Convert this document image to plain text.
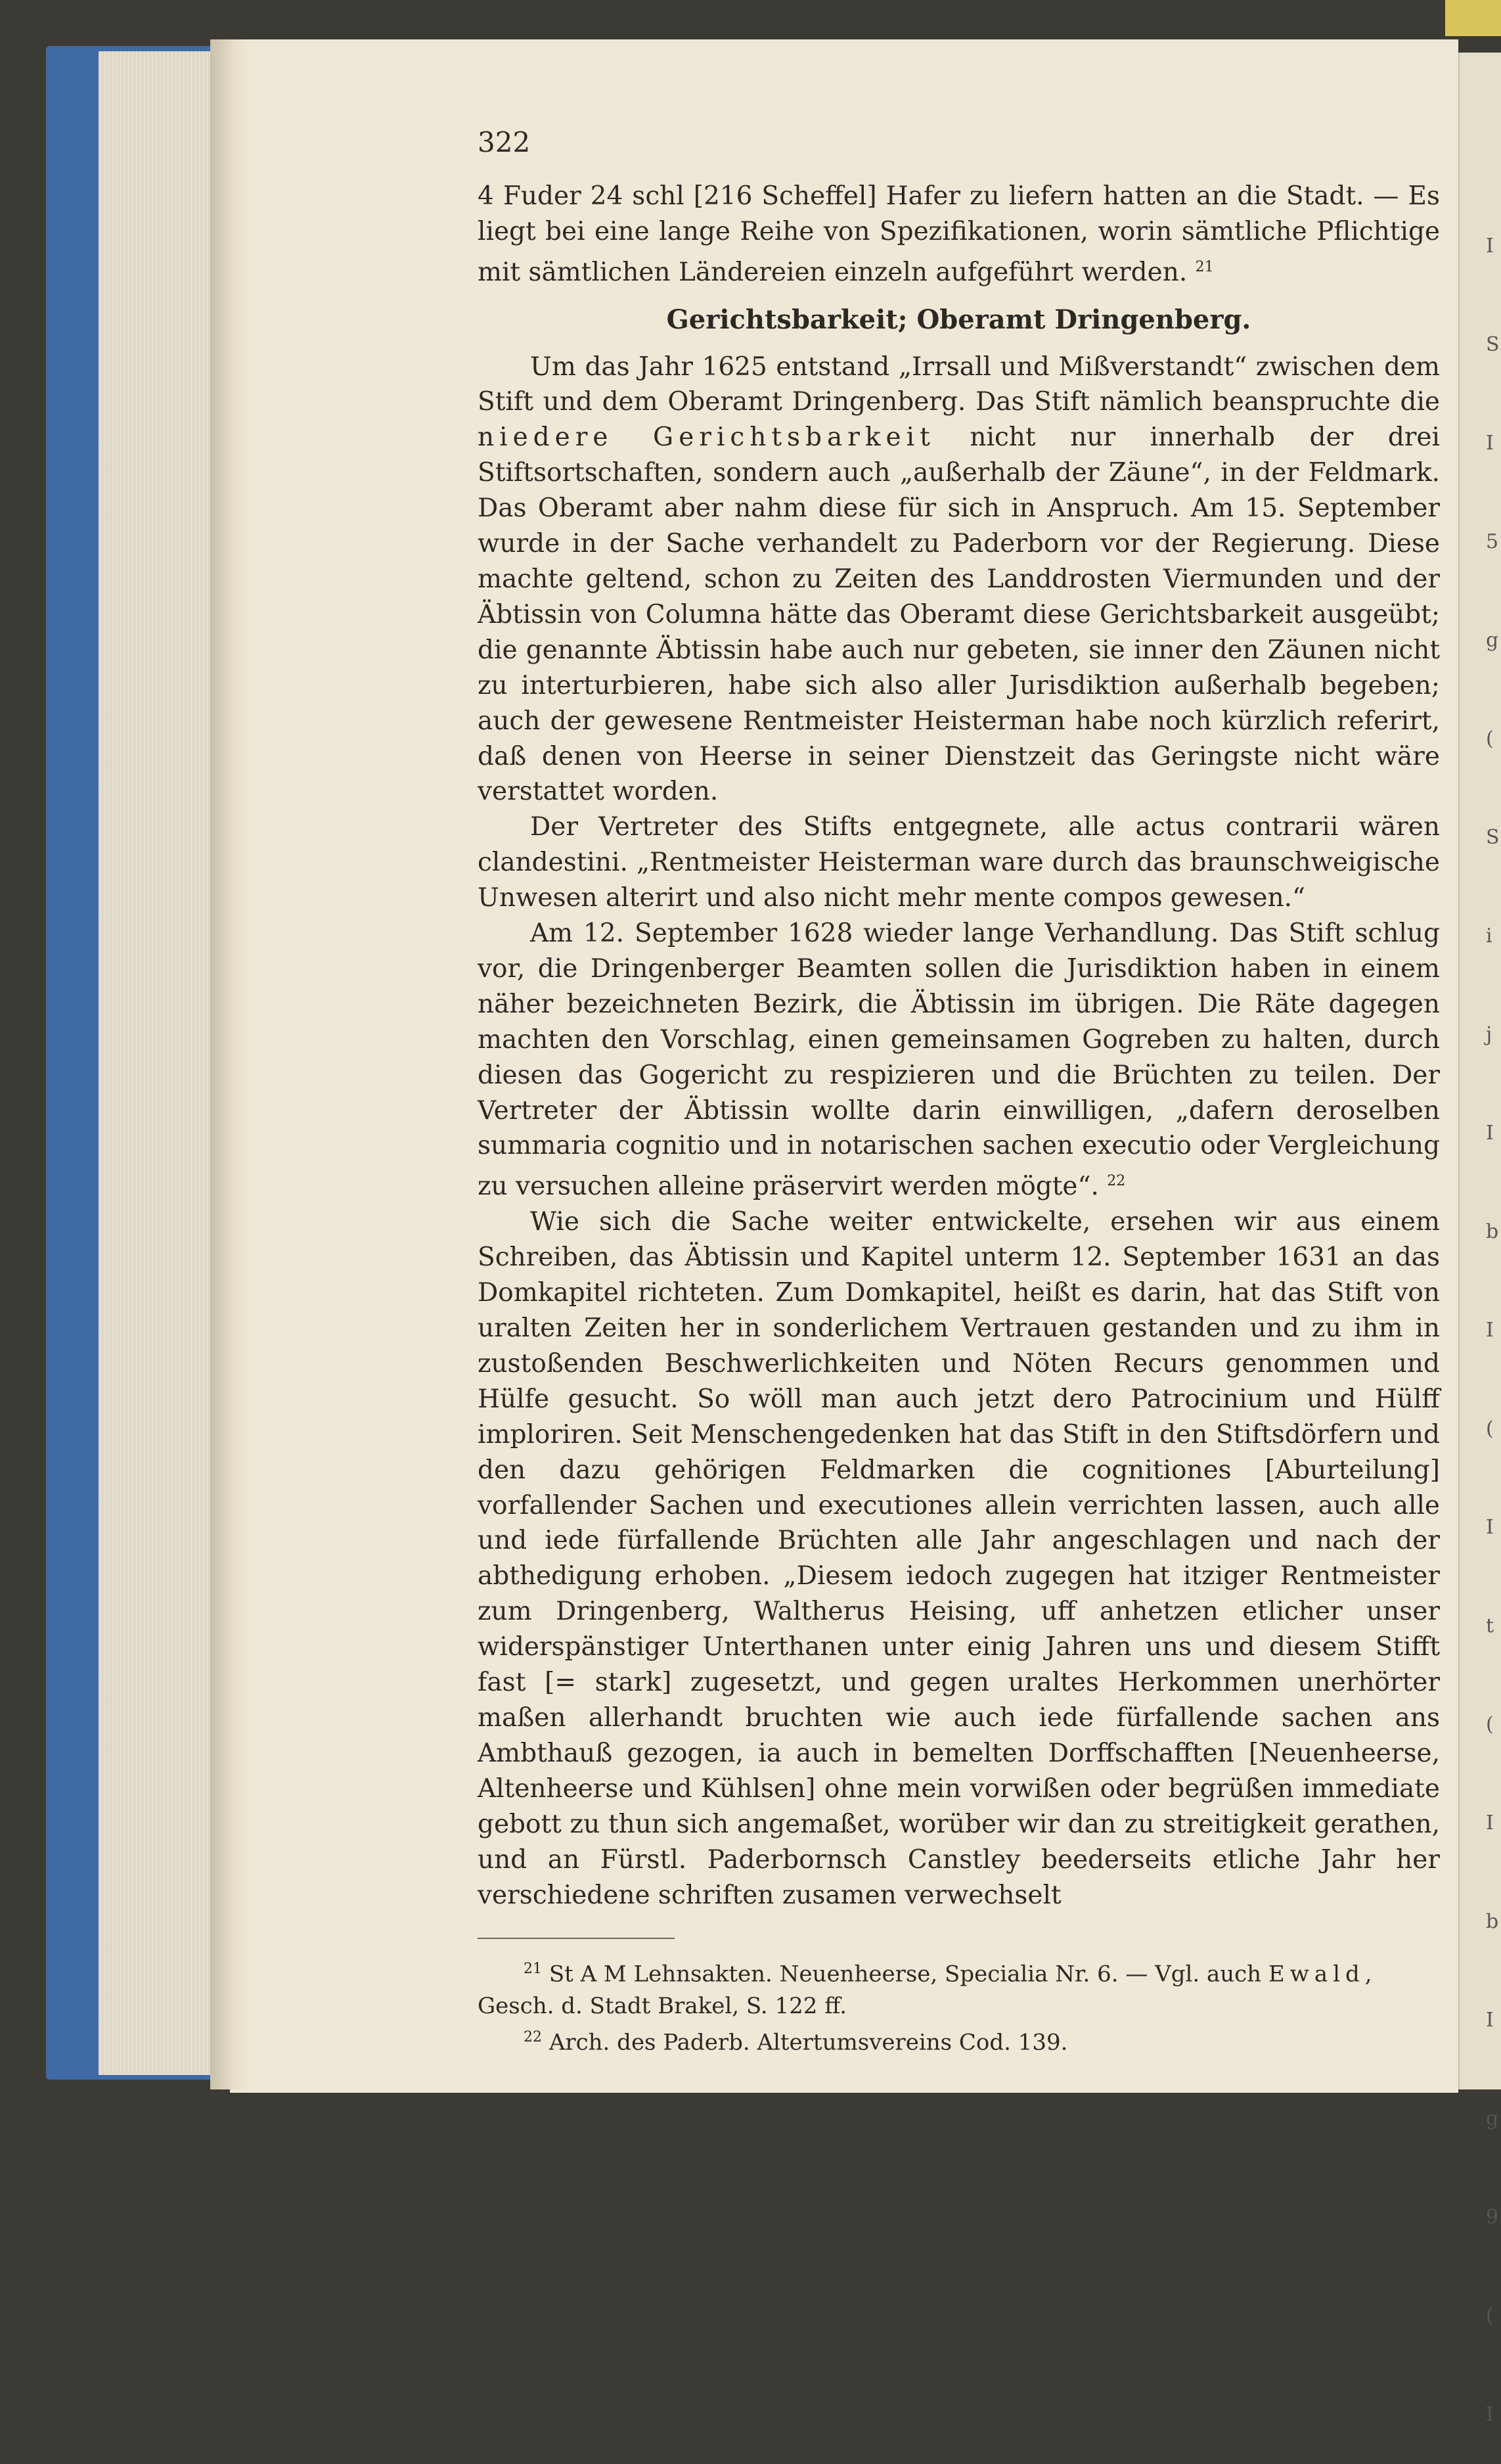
I S I 5 g ( S i j I b I ( I t ( I b I g 9 ( I
322

4 Fuder 24 schl [216 Scheffel] Hafer zu liefern hatten an die Stadt. — Es liegt bei eine lange Reihe von Spezifikationen, worin sämtliche Pflichtige mit sämtlichen Ländereien einzeln aufgeführt werden. $^{21}$

Gerichtsbarkeit; Oberamt Dringenberg.

Um das Jahr 1625 entstand „Irrsall und Mißverstandt“ zwischen dem Stift und dem Oberamt Dringenberg. Das Stift nämlich beanspruchte die niedere Gerichtsbarkeit nicht nur innerhalb der drei Stiftsortschaften, sondern auch „außerhalb der Zäune“, in der Feldmark. Das Oberamt aber nahm diese für sich in Anspruch. Am 15. September wurde in der Sache verhandelt zu Paderborn vor der Regierung. Diese machte geltend, schon zu Zeiten des Landdrosten Viermunden und der Äbtissin von Columna hätte das Oberamt diese Gerichtsbarkeit ausgeübt; die genannte Äbtissin habe auch nur gebeten, sie inner den Zäunen nicht zu interturbieren, habe sich also aller Jurisdiktion außerhalb begeben; auch der gewesene Rentmeister Heisterman habe noch kürzlich referirt, daß denen von Heerse in seiner Dienstzeit das Geringste nicht wäre verstattet worden.

Der Vertreter des Stifts entgegnete, alle actus contrarii wären clandestini. „Rentmeister Heisterman ware durch das braunschweigische Unwesen alterirt und also nicht mehr mente compos gewesen.“

Am 12. September 1628 wieder lange Verhandlung. Das Stift schlug vor, die Dringenberger Beamten sollen die Jurisdiktion haben in einem näher bezeichneten Bezirk, die Äbtissin im übrigen. Die Räte dagegen machten den Vorschlag, einen gemeinsamen Gogreben zu halten, durch diesen das Gogericht zu respizieren und die Brüchten zu teilen. Der Vertreter der Äbtissin wollte darin einwilligen, „dafern deroselben summaria cognitio und in notarischen sachen executio oder Vergleichung zu versuchen alleine präservirt werden mögte“. $^{22}$

Wie sich die Sache weiter entwickelte, ersehen wir aus einem Schreiben, das Äbtissin und Kapitel unterm 12. September 1631 an das Domkapitel richteten. Zum Domkapitel, heißt es darin, hat das Stift von uralten Zeiten her in sonderlichem Vertrauen gestanden und zu ihm in zustoßenden Beschwerlichkeiten und Nöten Recurs genommen und Hülfe gesucht. So wöll man auch jetzt dero Patrocinium und Hülff imploriren. Seit Menschengedenken hat das Stift in den Stiftsdörfern und den dazu gehörigen Feldmarken die cognitiones [Aburteilung] vorfallender Sachen und executiones allein verrichten lassen, auch alle und iede fürfallende Brüchten alle Jahr angeschlagen und nach der abthedigung erhoben. „Diesem iedoch zugegen hat itziger Rentmeister zum Dringenberg, Waltherus Heising, uff anhetzen etlicher unser widerspänstiger Unterthanen unter einig Jahren uns und diesem Stifft fast [= stark] zugesetzt, und gegen uraltes Herkommen unerhörter maßen allerhandt bruchten wie auch iede fürfallende sachen ans Ambthauß gezogen, ia auch in bemelten Dorffschafften [Neuenheerse, Altenheerse und Kühlsen] ohne mein vorwißen oder begrüßen immediate gebott zu thun sich angemaßet, worüber wir dan zu streitigkeit gerathen, und an Fürstl. Paderbornsch Canstley beederseits etliche Jahr her verschiedene schriften zusamen verwechselt

$^{21}$ St A M Lehnsakten. Neuenheerse, Specialia Nr. 6. — Vgl. auch Ewald, Gesch. d. Stadt Brakel, S. 122 ff.

$^{22}$ Arch. des Paderb. Altertumsvereins Cod. 139.
